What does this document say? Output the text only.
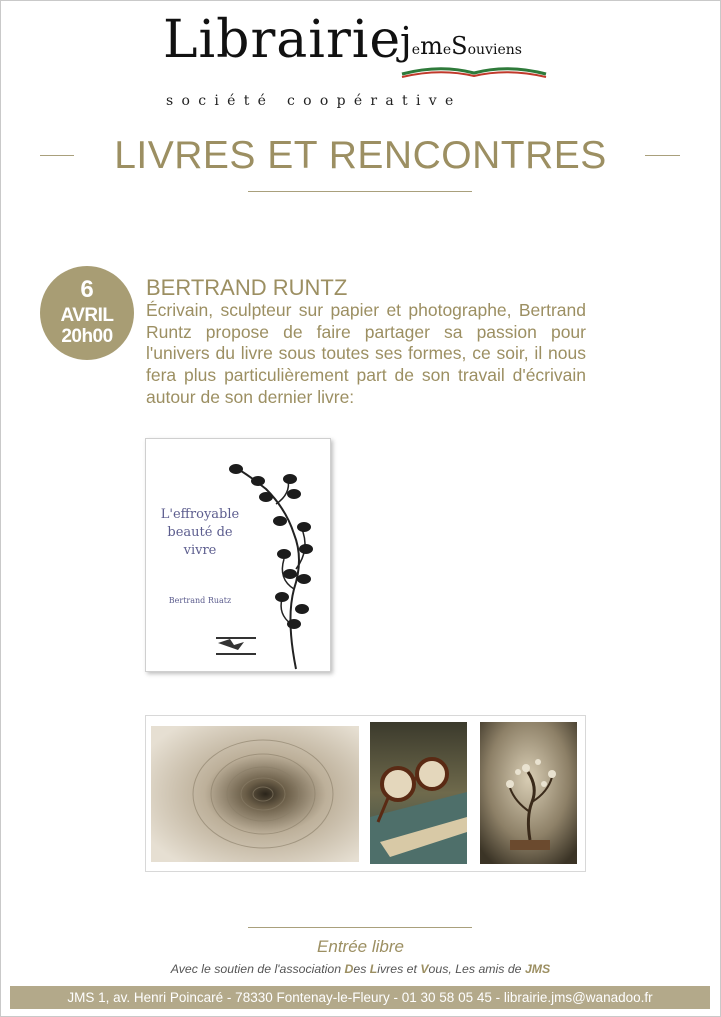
Librairie
jemeSouviens
société coopérative
LIVRES ET RENCONTRES
6
AVRIL
20h00
BERTRAND RUNTZ
Écrivain, sculpteur sur papier et photographe, Bertrand Runtz propose de faire partager sa passion pour l'univers du livre sous toutes ses formes, ce soir, il nous fera plus particulièrement part de son travail d'écrivain autour de son dernier livre:
L'effroyable beauté de vivre
Bertrand Ruatz
Entrée libre
Avec le soutien de l'association Des Livres et Vous, Les amis de JMS
JMS 1, av. Henri Poincaré - 78330 Fontenay-le-Fleury - 01 30 58 05 45 - librairie.jms@wanadoo.fr
